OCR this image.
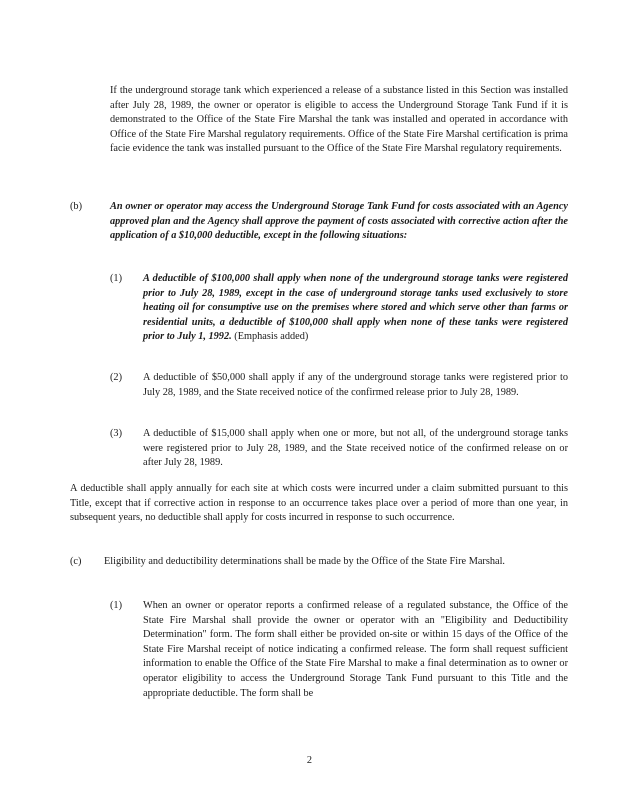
If the underground storage tank which experienced a release of a substance listed in this Section was installed after July 28, 1989, the owner or operator is eligible to access the Underground Storage Tank Fund if it is demonstrated to the Office of the State Fire Marshal the tank was installed and operated in accordance with Office of the State Fire Marshal regulatory requirements. Office of the State Fire Marshal certification is prima facie evidence the tank was installed pursuant to the Office of the State Fire Marshal regulatory requirements.
(b)	An owner or operator may access the Underground Storage Tank Fund for costs associated with an Agency approved plan and the Agency shall approve the payment of costs associated with corrective action after the application of a $10,000 deductible, except in the following situations:
(1) A deductible of $100,000 shall apply when none of the underground storage tanks were registered prior to July 28, 1989, except in the case of underground storage tanks used exclusively to store heating oil for consumptive use on the premises where stored and which serve other than farms or residential units, a deductible of $100,000 shall apply when none of these tanks were registered prior to July 1, 1992. (Emphasis added)
(2) A deductible of $50,000 shall apply if any of the underground storage tanks were registered prior to July 28, 1989, and the State received notice of the confirmed release prior to July 28, 1989.
(3) A deductible of $15,000 shall apply when one or more, but not all, of the underground storage tanks were registered prior to July 28, 1989, and the State received notice of the confirmed release on or after July 28, 1989.
A deductible shall apply annually for each site at which costs were incurred under a claim submitted pursuant to this Title, except that if corrective action in response to an occurrence takes place over a period of more than one year, in subsequent years, no deductible shall apply for costs incurred in response to such occurrence.
(c)	Eligibility and deductibility determinations shall be made by the Office of the State Fire Marshal.
(1) When an owner or operator reports a confirmed release of a regulated substance, the Office of the State Fire Marshal shall provide the owner or operator with an "Eligibility and Deductibility Determination" form. The form shall either be provided on-site or within 15 days of the Office of the State Fire Marshal receipt of notice indicating a confirmed release. The form shall request sufficient information to enable the Office of the State Fire Marshal to make a final determination as to owner or operator eligibility to access the Underground Storage Tank Fund pursuant to this Title and the appropriate deductible. The form shall be
2
